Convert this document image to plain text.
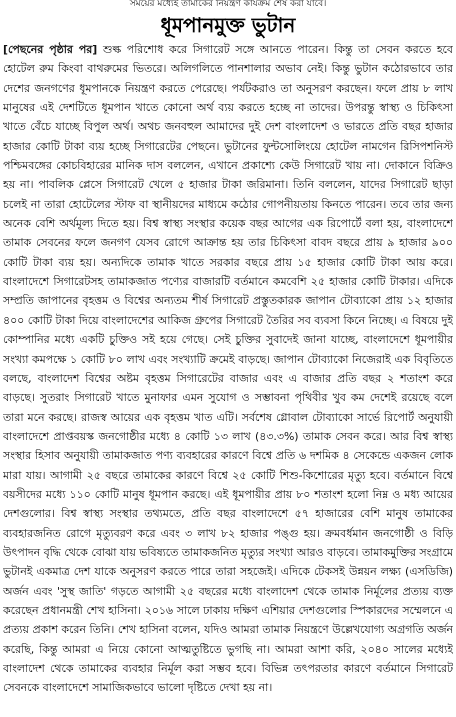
সময়ের মধ্যেই তামাকের নিয়ন্ত্রণ কার্যক্রম শেষ করা যাবে।
ধূমপানমুক্ত ভুটান

[পেছনের পৃষ্ঠার পর] শুল্ক পরিশোধ করে সিগারেট সঙ্গে আনতে পারেন। কিন্তু তা সেবন করতে হবে হোটেল রুম কিংবা বাথরুমের ভিতরে। অলিগলিতে পানশালার অভাব নেই। কিন্তু ভুটান কঠোরভাবে তার দেশের জনগণের ধূমপানকে নিয়ন্ত্রণ করতে পেরেছে। পর্যটকরাও তা অনুসরণ করছেন। ফলে প্রায় ৮ লাখ মানুষের এই দেশটিতে ধূমপান খাতে কোনো অর্থ ব্যয় করতে হচ্ছে না তাদের। উপরন্তু স্বাস্থ্য ও চিকিৎসা খাতে বেঁচে যাচ্ছে বিপুল অর্থ। অথচ জনবহুল আমাদের দুই দেশ বাংলাদেশ ও ভারতে প্রতি বছর হাজার হাজার কোটি টাকা ব্যয় হচ্ছে সিগারেটের পেছনে। ভুটানের ফুন্টসোলিংয়ে হোটেল নামগেন রিসিপশনিস্ট পশ্চিমবঙ্গের কোচবিহারের মানিক দাস বললেন, এখানে প্রকাশ্যে কেউ সিগারেট খায় না। দোকানে বিক্রিও হয় না। পাবলিক প্লেসে সিগারেট খেলে ৫ হাজার টাকা জরিমানা। তিনি বললেন, যাদের সিগারেট ছাড়া চলেই না তারা হোটেলের স্টাফ বা স্থানীয়দের মাধ্যমে কঠোর গোপনীয়তায় কিনতে পারেন। তবে তার জন্য অনেক বেশি অর্থমূল্য দিতে হয়। বিশ্ব স্বাস্থ্য সংস্থার কয়েক বছর আগের এক রিপোর্টে বলা হয়, বাংলাদেশে তামাক সেবনের ফলে জনগণ যেসব রোগে আক্রান্ত হয় তার চিকিৎসা বাবদ বছরে প্রায় ৯ হাজার ৯০০ কোটি টাকা ব্যয় হয়। অন্যদিকে তামাক খাতে সরকার বছরে প্রায় ১৫ হাজার কোটি টাকা আয় করে। বাংলাদেশে সিগারেটসহ তামাকজাত পণ্যের বাজারটি বর্তমানে কমবেশি ২৫ হাজার কোটি টাকার। এদিকে সম্প্রতি জাপানের বৃহত্তম ও বিশ্বের অন্যতম শীর্ষ সিগারেট প্রস্তুতকারক জাপান টোব্যাকো প্রায় ১২ হাজার ৪০০ কোটি টাকা দিয়ে বাংলাদেশের আকিজ গ্রুপের সিগারেট তৈরির সব ব্যবসা কিনে নিচ্ছে। এ বিষয়ে দুই কোম্পানির মধ্যে একটি চুক্তিও সই হয়ে গেছে। সেই চুক্তির সুবাদেই জানা যাচ্ছে, বাংলাদেশে ধূমপায়ীর সংখ্যা কমপক্ষে ১ কোটি ৮০ লাখ এবং সংখ্যাটি ক্রমেই বাড়ছে। জাপান টোব্যাকো নিজেরাই এক বিবৃতিতে বলছে, বাংলাদেশ বিশ্বের অষ্টম বৃহত্তম সিগারেটের বাজার এবং এ বাজার প্রতি বছর ২ শতাংশ করে বাড়ছে। সুতরাং সিগারেট খাতে মুনাফার এমন সুযোগ ও সম্ভাবনা পৃথিবীর খুব কম দেশেই রয়েছে বলে তারা মনে করছে। রাজস্ব আয়ের এক বৃহত্তম খাত এটি। সর্বশেষ গ্লোবাল টোব্যাকো সার্ভে রিপোর্ট অনুযায়ী বাংলাদেশে প্রাপ্তবয়স্ক জনগোষ্ঠীর মধ্যে ৪ কোটি ১৩ লাখ (৪৩.৩%) তামাক সেবন করে। আর বিশ্ব স্বাস্থ্য সংস্থার হিসাব অনুযায়ী তামাকজাত পণ্য ব্যবহারের কারণে বিশ্বে প্রতি ৬ দশমিক ৪ সেকেন্ডে একজন লোক মারা যায়। আগামী ২৫ বছরে তামাকের কারণে বিশ্বে ২৫ কোটি শিশু-কিশোরের মৃত্যু হবে। বর্তমানে বিশ্বে বয়সীদের মধ্যে ১১০ কোটি মানুষ ধূমপান করছে। এই ধূমপায়ীর প্রায় ৮০ শতাংশ হলো নিম্ন ও মধ্য আয়ের দেশগুলোর। বিশ্ব স্বাস্থ্য সংস্থার তথ্যমতে, প্রতি বছর বাংলাদেশে ৫৭ হাজারের বেশি মানুষ তামাকের ব্যবহারজনিত রোগে মৃত্যুবরণ করে এবং ৩ লাখ ৮২ হাজার পঙ্গু হয়। ক্রমবর্ধমান জনগোষ্ঠী ও বিড়ি উৎপাদন বৃদ্ধি থেকে বোঝা যায় ভবিষ্যতে তামাকজনিত মৃত্যুর সংখ্যা আরও বাড়বে। তামাকমুক্তির সংগ্রামে ভুটানই একমাত্র দেশ যাকে অনুসরণ করতে পারে তারা সহজেই। এদিকে টেকসই উন্নয়ন লক্ষ্য (এসডিজি) অর্জন এবং 'সুস্থ জাতি' গড়তে আগামী ২৫ বছরের মধ্যে বাংলাদেশ থেকে তামাক নির্মূলের প্রত্যয় ব্যক্ত করেছেন প্রধানমন্ত্রী শেখ হাসিনা। ২০১৬ সালে ঢাকায় দক্ষিণ এশিয়ার দেশগুলোর স্পিকারদের সম্মেলনে এ প্রত্যয় প্রকাশ করেন তিনি। শেখ হাসিনা বলেন, যদিও আমরা তামাক নিয়ন্ত্রণে উল্লেখযোগ্য অগ্রগতি অর্জন করেছি, কিন্তু আমরা এ নিয়ে কোনো আত্মতুষ্টিতে ভুগছি না। আমরা আশা করি, ২০৪০ সালের মধ্যেই বাংলাদেশ থেকে তামাকের ব্যবহার নির্মূল করা সম্ভব হবে। বিভিন্ন তৎপরতার কারণে বর্তমানে সিগারেট সেবনকে বাংলাদেশে সামাজিকভাবে ভালো দৃষ্টিতে দেখা হয় না।
